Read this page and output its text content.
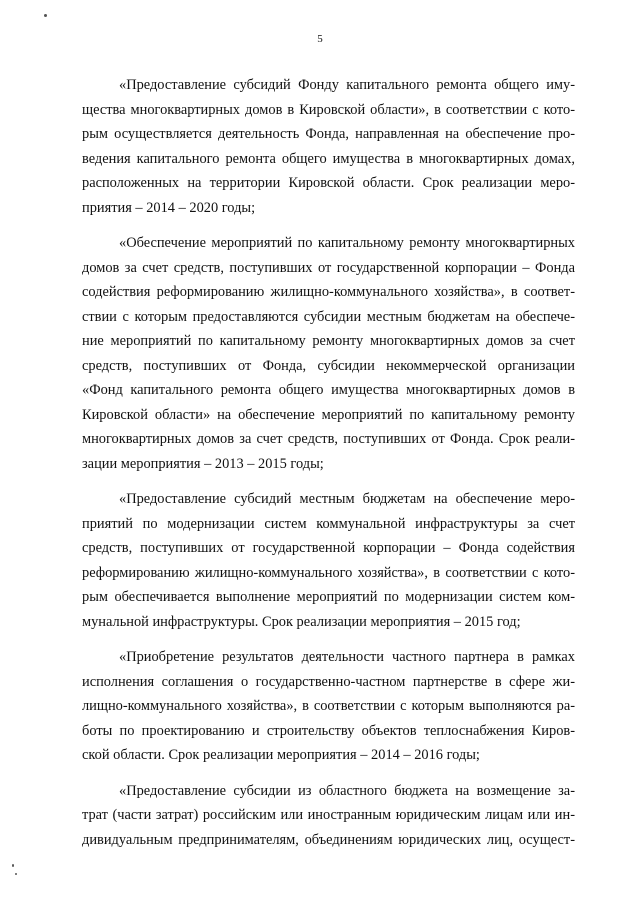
5

«Предоставление субсидий Фонду капитального ремонта общего иму-
щества многоквартирных домов в Кировской области», в соответствии с кото-
рым осуществляется деятельность Фонда, направленная на обеспечение про-
ведения капитального ремонта общего имущества в многоквартирных домах,
расположенных на территории Кировской области. Срок реализации меро-
приятия – 2014 – 2020 годы;

«Обеспечение мероприятий по капитальному ремонту многоквартирных
домов за счет средств, поступивших от государственной корпорации – Фонда
содействия реформированию жилищно-коммунального хозяйства», в соответ-
ствии с которым предоставляются субсидии местным бюджетам на обеспече-
ние мероприятий по капитальному ремонту многоквартирных домов за счет
средств, поступивших от Фонда, субсидии некоммерческой организации
«Фонд капитального ремонта общего имущества многоквартирных домов в
Кировской области» на обеспечение мероприятий по капитальному ремонту
многоквартирных домов за счет средств, поступивших от Фонда. Срок реали-
зации мероприятия – 2013 – 2015 годы;

«Предоставление субсидий местным бюджетам на обеспечение меро-
приятий по модернизации систем коммунальной инфраструктуры за счет
средств, поступивших от государственной корпорации – Фонда содействия
реформированию жилищно-коммунального хозяйства», в соответствии с кото-
рым обеспечивается выполнение мероприятий по модернизации систем ком-
мунальной инфраструктуры. Срок реализации мероприятия – 2015 год;

«Приобретение результатов деятельности частного партнера в рамках
исполнения соглашения о государственно-частном партнерстве в сфере жи-
лищно-коммунального хозяйства», в соответствии с которым выполняются ра-
боты по проектированию и строительству объектов теплоснабжения Киров-
ской области. Срок реализации мероприятия – 2014 – 2016 годы;

«Предоставление субсидии из областного бюджета на возмещение за-
трат (части затрат) российским или иностранным юридическим лицам или ин-
дивидуальным предпринимателям, объединениям юридических лиц, осущест-
